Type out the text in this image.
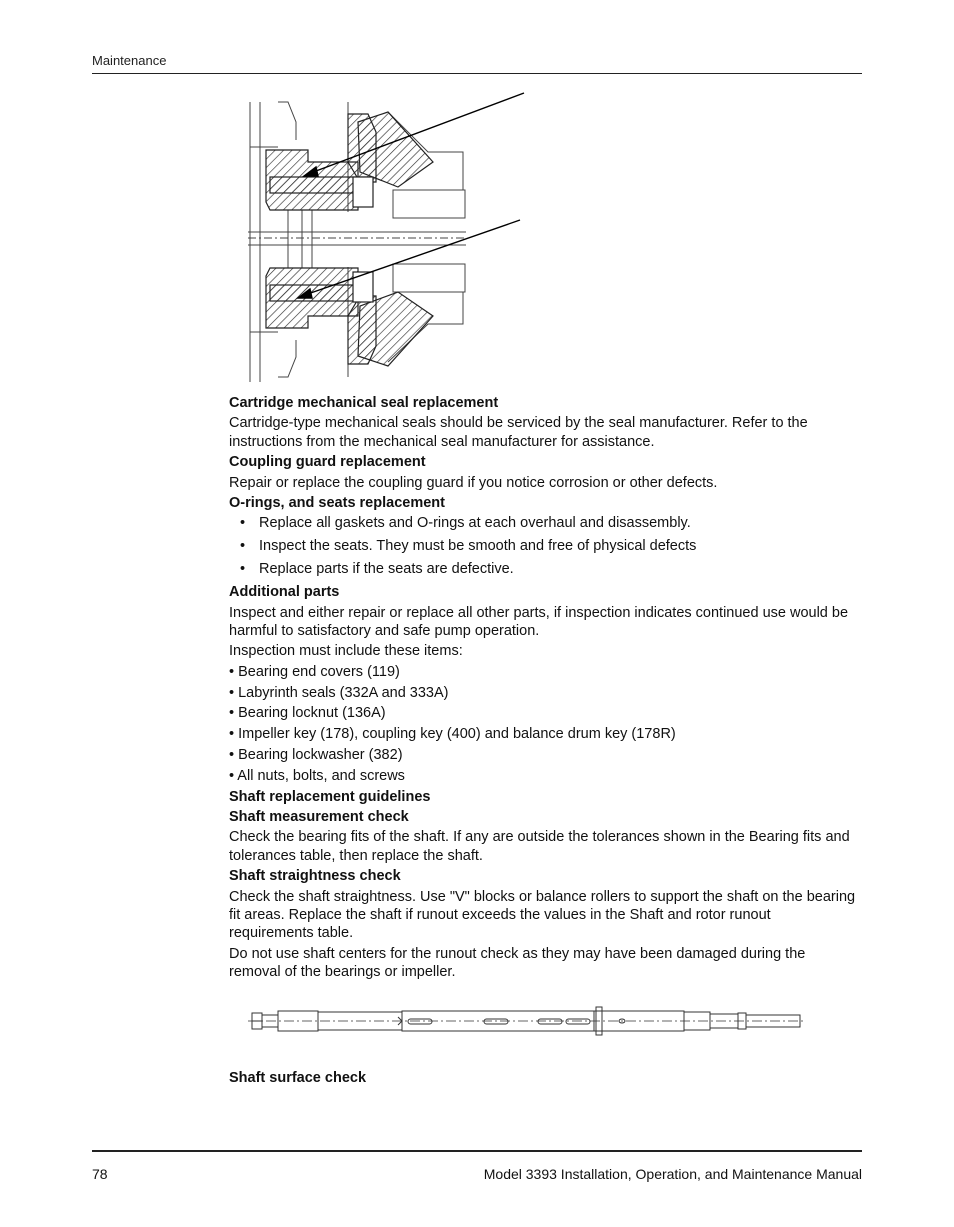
Maintenance
Cartridge mechanical seal replacement
Cartridge-type mechanical seals should be serviced by the seal manufacturer. Refer to the instructions from the mechanical seal manufacturer for assistance.
Coupling guard replacement
Repair or replace the coupling guard if you notice corrosion or other defects.
O-rings, and seats replacement
• Replace all gaskets and O-rings at each overhaul and disassembly.
• Inspect the seats. They must be smooth and free of physical defects
• Replace parts if the seats are defective.
Additional parts
Inspect and either repair or replace all other parts, if inspection indicates continued use would be harmful to satisfactory and safe pump operation.
Inspection must include these items:
• Bearing end covers (119)
• Labyrinth seals (332A and 333A)
• Bearing locknut (136A)
• Impeller key (178), coupling key (400) and balance drum key (178R)
• Bearing lockwasher (382)
• All nuts, bolts, and screws
Shaft replacement guidelines
Shaft measurement check
Check the bearing fits of the shaft. If any are outside the tolerances shown in the Bearing fits and tolerances table, then replace the shaft.
Shaft straightness check
Check the shaft straightness. Use "V" blocks or balance rollers to support the shaft on the bearing fit areas. Replace the shaft if runout exceeds the values in the Shaft and rotor runout requirements table.
Do not use shaft centers for the runout check as they may have been damaged during the removal of the bearings or impeller.
Shaft surface check
78	Model 3393 Installation, Operation, and Maintenance Manual
